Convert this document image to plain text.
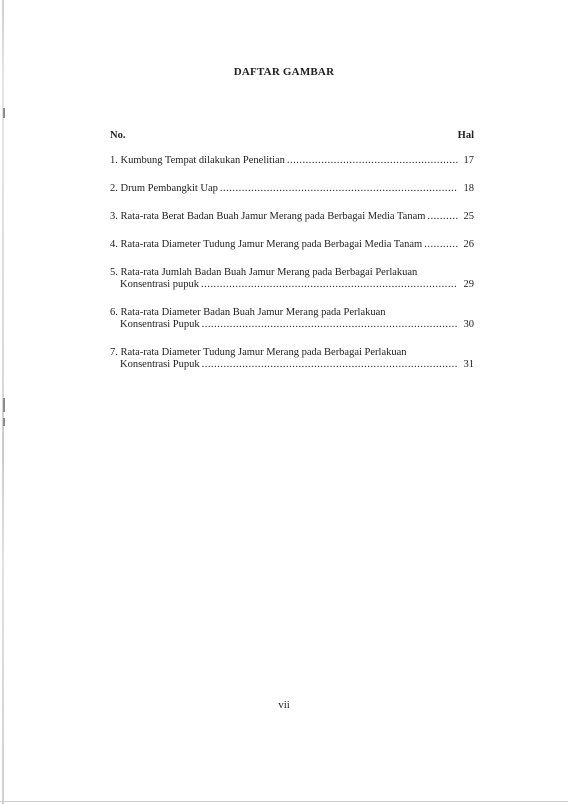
DAFTAR GAMBAR
No.	Hal
1. Kumbung Tempat dilakukan Penelitian .....	17
2. Drum Pembangkit Uap .....	18
3. Rata-rata Berat Badan Buah Jamur Merang pada Berbagai Media Tanam .....	25
4. Rata-rata Diameter Tudung Jamur Merang pada Berbagai Media Tanam .....	26
5. Rata-rata Jumlah Badan Buah Jamur Merang pada Berbagai Perlakuan
Konsentrasi pupuk .....	29
6. Rata-rata Diameter Badan Buah Jamur Merang pada Perlakuan
Konsentrasi Pupuk .....	30
7. Rata-rata Diameter Tudung Jamur Merang pada Berbagai Perlakuan
Konsentrasi Pupuk .....	31
vii
